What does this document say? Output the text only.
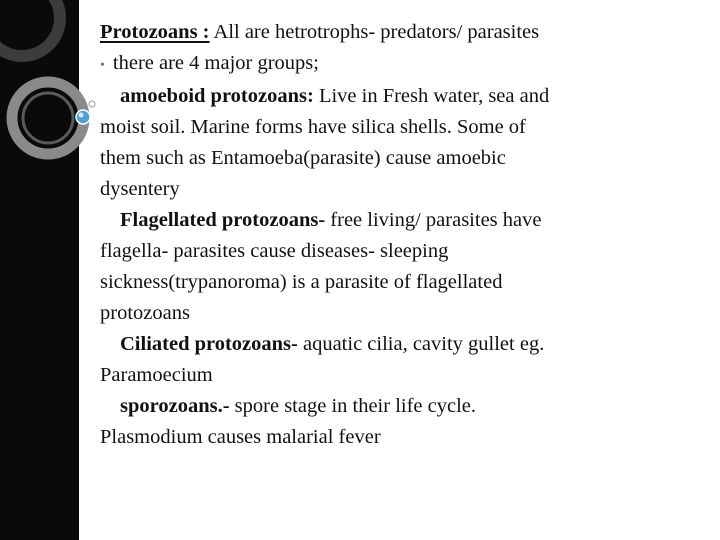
Protozoans : All are hetrotrophs- predators/ parasites
• there are 4 major groups;
amoeboid protozoans: Live in Fresh water, sea and
moist soil. Marine forms have silica shells. Some of
them such as Entamoeba(parasite) cause amoebic
dysentery
Flagellated protozoans- free living/ parasites have
flagella- parasites cause diseases- sleeping
sickness(trypanoroma) is a parasite of flagellated
protozoans
Ciliated protozoans- aquatic cilia, cavity gullet eg.
Paramoecium
sporozoans.- spore stage in their life cycle.
Plasmodium causes malarial fever
